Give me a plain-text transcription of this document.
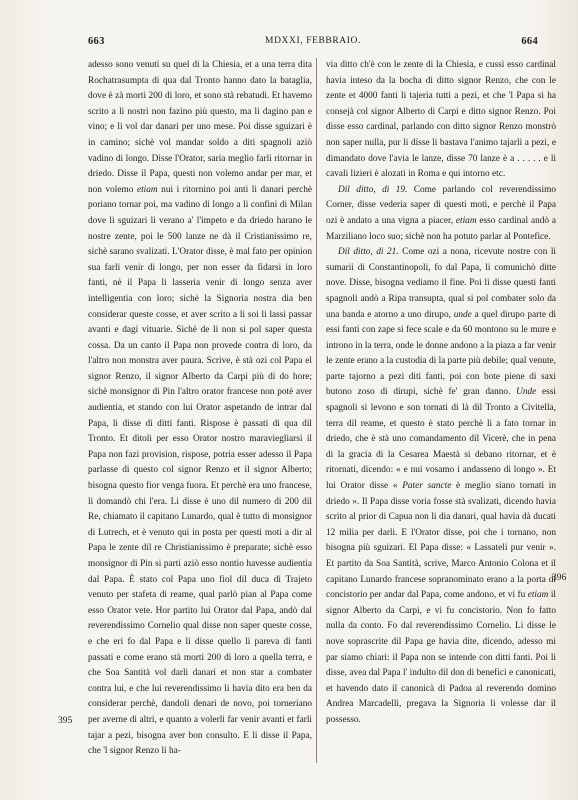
663	MDXXI, FEBBRAIO.	664

adesso sono venuti su quel di la Chiesia, et a una terra dita Rochatrasumpta di qua dal Tronto hanno dato la bataglia, dove è zà morti 200 di loro, et sono stà rebatudi. Et havemo scrito a li nostri non fazino più questo, ma li dagino pan e vino; e li vol dar danari per uno mese. Poi disse sguizari è in camino; sichè vol mandar soldo a diti spagnoli aziò vadino di longo. Disse l'Orator, saria meglio farli ritornar in driedo. Disse il Papa, questi non volemo andar per mar, et non volemo etiam nui i ritornino poi anti li danari perchè poriano tornar poi, ma vadino di longo a li confini di Milan dove li sguizari li verano a' l'impeto e da driedo harano le nostre zente, poi le 500 lanze ne dà il Cristianissimo re, sichè sarano svalizati. L'Orator disse, è mal fato per opinion sua farli venir di longo, per non esser da fidarsi in loro fanti, nè il Papa li lasseria venir di longo senza aver intelligentia con loro; sichè la Signoria nostra dia ben considerar queste cosse, et aver scrito a li soi li lassi passar avanti e dagi vituarie. Sichè de li non si pol saper questa cossa. Da un canto il Papa non provede contra di loro, da l'altro non monstra aver paura. Scrive, è stà ozi col Papa el signor Renzo, il signor Alberto da Carpi più di do hore; sichè monsignor di Pin l'altro orator francese non potè aver audientia, et stando con lui Orator aspetando de intrar dal Papa, li disse di ditti fanti. Rispose è passati di qua dil Tronto. Et ditoli per esso Orator nostro maraviegliarsi il Papa non fazi provision, rispose, potria esser adesso il Papa parlasse di questo col signor Renzo et il signor Alberto; bisogna questo fior venga fuora. Et perchè era uno francese, li domandò chi l'era. Li disse è uno dil numero di 200 dil Re, chiamato il capitano Lunardo, qual è tutto di monsignor di Lutrech, et è venuto qui in posta per questi moti a dir al Papa le zente dil re Christianissimo è preparate; sichè esso monsignor di Pin si parti aziò esso nontio havesse audientia dal Papa. È stato col Papa uno fiol dil duca di Trajeto venuto per stafeta di reame, qual parlò pian al Papa come esso Orator vete. Hor partito lui Orator dal Papa, andò dal reverendissimo Cornelio qual disse non saper queste cosse, e che eri fo dal Papa e li disse quello li pareva di fanti passati e come erano stà morti 200 di loro a quella terra, e che Soa Santità vol darli danari et non star a combater contra lui, e che lui reverendissimo li havia dito era ben da considerar perchè, dandoli denari de novo, poi torneriano per averne di altri, e quanto a volerli far venir avanti et farli tajar a pezi, bisogna aver bon consulto. E li disse il Papa, che 'l signor Renzo li ha-

via ditto ch'è con le zente di la Chiesia, e cussì esso cardinal havia inteso da la bocha di ditto signor Renzo, che con le zente et 4000 fanti li tajeria tutti a pezi, et che 'l Papa si ha consejà col signor Alberto di Carpi e ditto signor Renzo. Poi disse esso cardinal, parlando con ditto signor Renzo monstrò non saper nulla, pur li disse li bastava l'animo tajarli a pezi, e dimandato dove l'avia le lanze, disse 70 lanze è a . . . . . e li cavali lizieri è alozati in Roma e qui intorno etc.

Dil ditto, di 19. Come parlando col reverendissimo Corner, disse vederia saper di questi moti, e perchè il Papa ozi è andato a una vigna a piacer, etiam esso cardinal andò a Marziliano loco suo; sichè non ha potuto parlar al Pontefice.

Dil ditto, di 21. Come ozi a nona, ricevute nostre con li sumarii di Constantinopoli, fo dal Papa, li comunichò ditte nove. Disse, bisogna vediamo il fine. Poi li disse questi fanti spagnoli andò a Ripa transupta, qual si pol combater solo da una banda e atorno a uno dirupo, unde a quel dirupo parte di essi fanti con zape si fece scale e da 60 montono su le mure e introno in la terra, onde le donne andono a la piaza a far venir le zente erano a la custodia di la parte più debile; qual venute, parte tajorno a pezi diti fanti, poi con bote piene di saxi butono zoso di dirupi, sichè fe' gran danno. Unde essi spagnoli si levono e son tornati di là dil Tronto a Civitella, terra dil reame, et questo è stato perchè li a fato tornar in driedo, che è stà uno comandamento dil Vicerè, che in pena di la gracia di la Cesarea Maestà si debano ritornar, et è ritornati, dicendo: « e nui vosamo i andasseno di longo ». Et lui Orator disse « Pater sancte è meglio siano tornati in driedo ». Il Papa disse voria fosse stà svalizati, dicendo havia scrito al prior di Capua non li dia danari, qual havia dà ducati 12 milia per darli. E l'Orator disse, poi che i tornano, non bisogna più sguizari. El Papa disse: « Lassateli pur venir ». Et partito da Soa Santità, scrive, Marco Antonio Colona et il capitano Lunardo francese sopranominato erano a la porta di concistorio per andar dal Papa, come andono, et vi fu etiam il signor Alberto da Carpi, e vi fu concistorio. Non fo fatto nulla da conto. Fo dal reverendissimo Cornelio. Li disse le nove soprascrite dil Papa ge havia dite, dicendo, adesso mi par siamo chiari: il Papa non se intende con ditti fanti. Poi li disse, avea dal Papa l' indulto dil don di benefici e canonicati, et havendo dato il canonicà di Padoa al reverendo domino Andrea Marcadelli, pregava la Signoria li volesse dar il possesso.

395
396
